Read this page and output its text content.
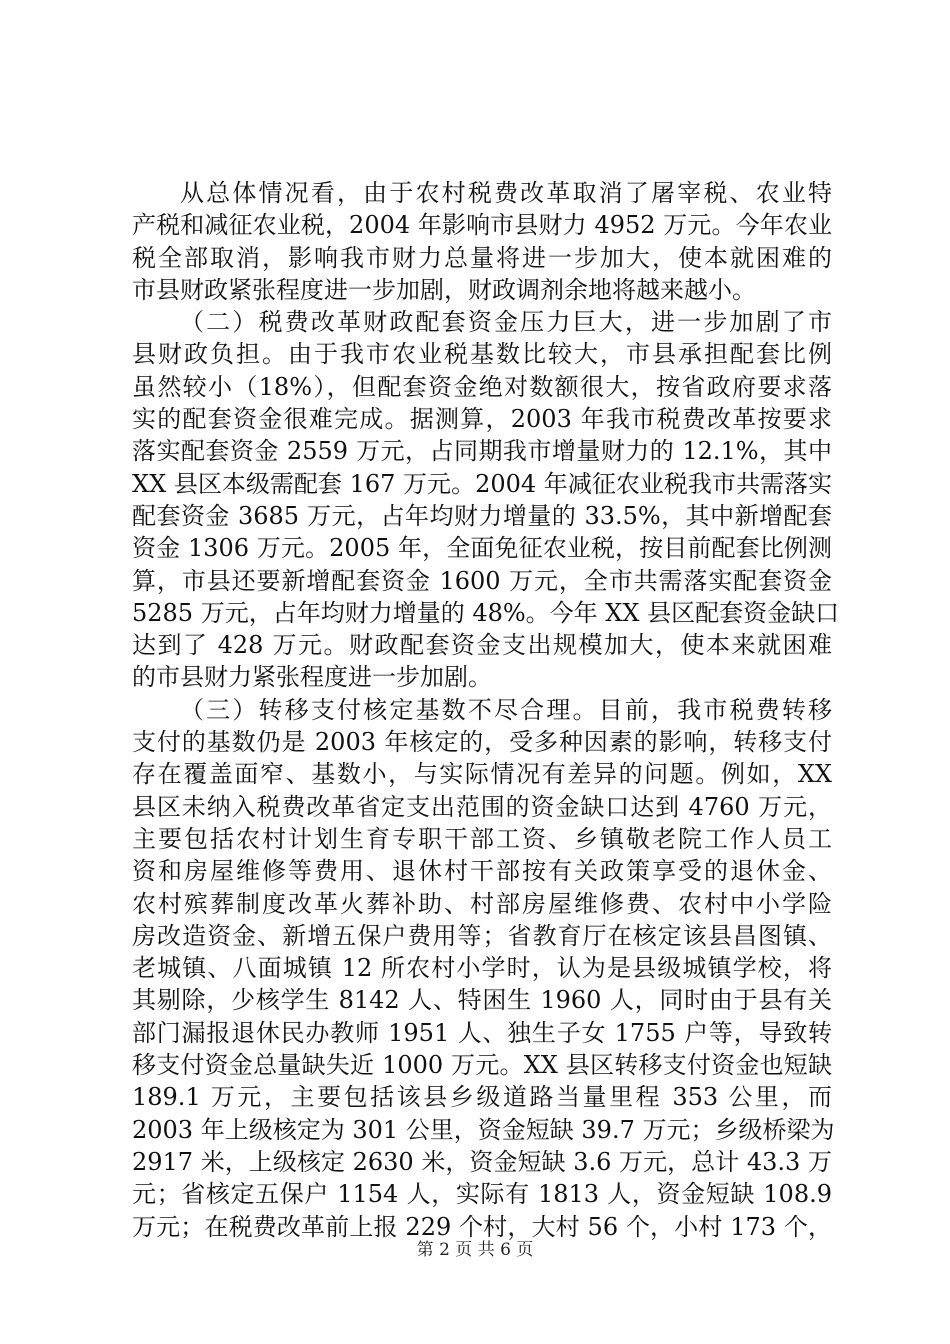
从总体情况看，由于农村税费改革取消了屠宰税、农业特
产税和减征农业税，2004 年影响市县财力 4952 万元。今年农业
税全部取消，影响我市财力总量将进一步加大，使本就困难的
市县财政紧张程度进一步加剧，财政调剂余地将越来越小。
（二）税费改革财政配套资金压力巨大，进一步加剧了市
县财政负担。由于我市农业税基数比较大，市县承担配套比例
虽然较小（18%），但配套资金绝对数额很大，按省政府要求落
实的配套资金很难完成。据测算，2003 年我市税费改革按要求
落实配套资金 2559 万元，占同期我市增量财力的 12.1%，其中
XX 县区本级需配套 167 万元。2004 年减征农业税我市共需落实
配套资金 3685 万元，占年均财力增量的 33.5%，其中新增配套
资金 1306 万元。2005 年，全面免征农业税，按目前配套比例测
算，市县还要新增配套资金 1600 万元，全市共需落实配套资金
5285 万元，占年均财力增量的 48%。今年 XX 县区配套资金缺口
达到了 428 万元。财政配套资金支出规模加大，使本来就困难
的市县财力紧张程度进一步加剧。
（三）转移支付核定基数不尽合理。目前，我市税费转移
支付的基数仍是 2003 年核定的，受多种因素的影响，转移支付
存在覆盖面窄、基数小，与实际情况有差异的问题。例如，XX
县区未纳入税费改革省定支出范围的资金缺口达到 4760 万元，
主要包括农村计划生育专职干部工资、乡镇敬老院工作人员工
资和房屋维修等费用、退休村干部按有关政策享受的退休金、
农村殡葬制度改革火葬补助、村部房屋维修费、农村中小学险
房改造资金、新增五保户费用等；省教育厅在核定该县昌图镇、
老城镇、八面城镇 12 所农村小学时，认为是县级城镇学校，将
其剔除，少核学生 8142 人、特困生 1960 人，同时由于县有关
部门漏报退休民办教师 1951 人、独生子女 1755 户等，导致转
移支付资金总量缺失近 1000 万元。XX 县区转移支付资金也短缺
189.1 万元，主要包括该县乡级道路当量里程 353 公里，而
2003 年上级核定为 301 公里，资金短缺 39.7 万元；乡级桥梁为
2917 米，上级核定 2630 米，资金短缺 3.6 万元，总计 43.3 万
元；省核定五保户 1154 人，实际有 1813 人，资金短缺 108.9
万元；在税费改革前上报 229 个村，大村 56 个，小村 173 个，
第 2 页 共 6 页
